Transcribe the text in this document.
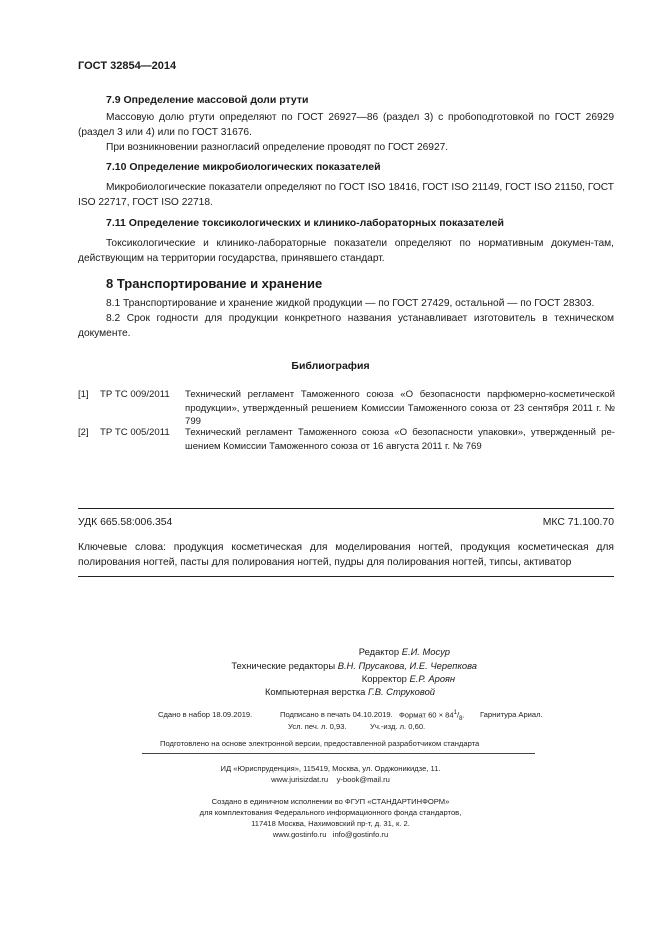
ГОСТ 32854—2014
7.9 Определение массовой доли ртути
Массовую долю ртути определяют по ГОСТ 26927—86 (раздел 3) с пробоподготовкой по ГОСТ 26929 (раздел 3 или 4) или по ГОСТ 31676.
При возникновении разногласий определение проводят по ГОСТ 26927.
7.10 Определение микробиологических показателей
Микробиологические показатели определяют по ГОСТ ISO 18416, ГОСТ ISO 21149, ГОСТ ISO 21150, ГОСТ ISO 22717, ГОСТ ISO 22718.
7.11 Определение токсикологических и клинико-лабораторных показателей
Токсикологические и клинико-лабораторные показатели определяют по нормативным докумен-там, действующим на территории государства, принявшего стандарт.
8 Транспортирование и хранение
8.1 Транспортирование и хранение жидкой продукции — по ГОСТ 27429, остальной — по ГОСТ 28303.
8.2 Срок годности для продукции конкретного названия устанавливает изготовитель в техническом документе.
Библиография
[1] ТР ТС 009/2011 Технический регламент Таможенного союза «О безопасности парфюмерно-косметической продукции», утвержденный решением Комиссии Таможенного союза от 23 сентября 2011 г. № 799
[2] ТР ТС 005/2011 Технический регламент Таможенного союза «О безопасности упаковки», утвержденный ре-шением Комиссии Таможенного союза от 16 августа 2011 г. № 769
УДК 665.58:006.354	МКС 71.100.70
Ключевые слова: продукция косметическая для моделирования ногтей, продукция косметическая для полирования ногтей, пасты для полирования ногтей, пудры для полирования ногтей, типсы, активатор
Редактор Е.И. Мосур
Технические редакторы В.Н. Прусакова, И.Е. Черепкова
Корректор Е.Р. Ароян
Компьютерная верстка Г.В. Струковой
Сдано в набор 18.09.2019.	Подписано в печать 04.10.2019. Формат $60 \times 84^1/_8$. Гарнитура Ариал.
Усл. печ. л. 0,93.	Уч.-изд. л. 0,60.
Подготовлено на основе электронной версии, предоставленной разработчиком стандарта
ИД «Юриспруденция», 115419, Москва, ул. Орджоникидзе, 11.
www.jurisizdat.ru y-book@mail.ru
Создано в единичном исполнении во ФГУП «СТАНДАРТИНФОРМ»
для комплектования Федерального информационного фонда стандартов,
117418 Москва, Нахимовский пр-т, д. 31, к. 2.
www.gostinfo.ru info@gostinfo.ru
